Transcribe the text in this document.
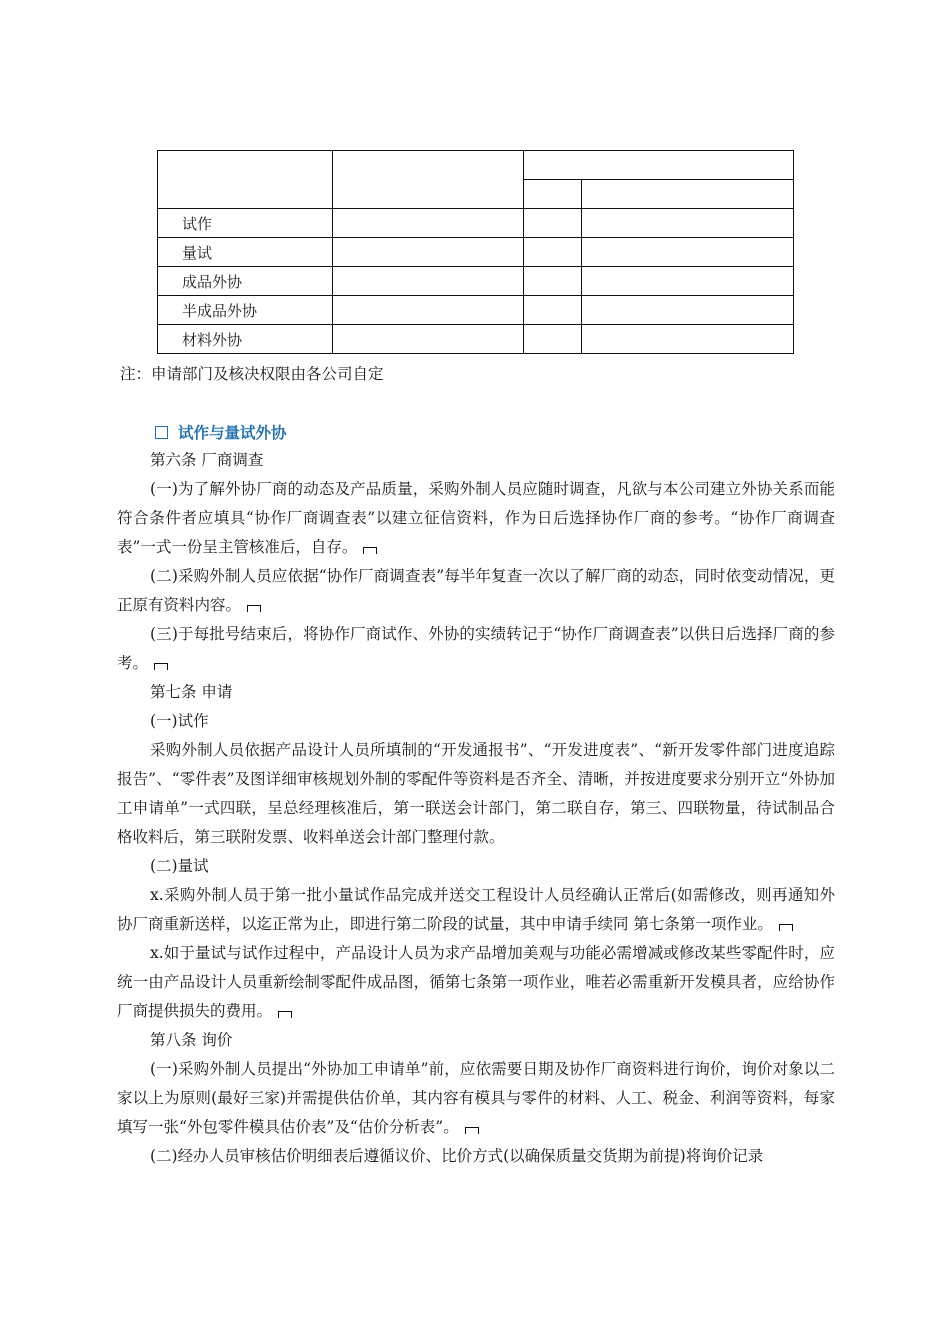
试作			
量试			
成品外协			
半成品外协			
材料外协			
注：申请部门及核决权限由各公司自定
试作与量试外协

第六条 厂商调查

(一)为了解外协厂商的动态及产品质量，采购外制人员应随时调查，凡欲与本公司建立外协关系而能符合条件者应填具“协作厂商调查表”以建立征信资料，作为日后选择协作厂商的参考。“协作厂商调查表”一式一份呈主管核准后，自存。

(二)采购外制人员应依据“协作厂商调查表”每半年复查一次以了解厂商的动态，同时依变动情况，更正原有资料内容。

(三)于每批号结束后，将协作厂商试作、外协的实绩转记于“协作厂商调查表”以供日后选择厂商的参考。

第七条 申请

(一)试作

采购外制人员依据产品设计人员所填制的“开发通报书”、“开发进度表”、“新开发零件部门进度追踪报告”、“零件表”及图详细审核规划外制的零配件等资料是否齐全、清晰，并按进度要求分别开立“外协加工申请单”一式四联，呈总经理核准后，第一联送会计部门，第二联自存，第三、四联物量，待试制品合格收料后，第三联附发票、收料单送会计部门整理付款。

(二)量试

x.采购外制人员于第一批小量试作品完成并送交工程设计人员经确认正常后(如需修改，则再通知外协厂商重新送样，以迄正常为止，即进行第二阶段的试量，其中申请手续同 第七条第一项作业。

x.如于量试与试作过程中，产品设计人员为求产品增加美观与功能必需增减或修改某些零配件时，应统一由产品设计人员重新绘制零配件成品图，循第七条第一项作业，唯若必需重新开发模具者，应给协作厂商提供损失的费用。

第八条 询价

(一)采购外制人员提出“外协加工申请单”前，应依需要日期及协作厂商资料进行询价，询价对象以二家以上为原则(最好三家)并需提供估价单，其内容有模具与零件的材料、人工、税金、利润等资料，每家填写一张“外包零件模具估价表”及“估价分析表”。

(二)经办人员审核估价明细表后遵循议价、比价方式(以确保质量交货期为前提)将询价记录
